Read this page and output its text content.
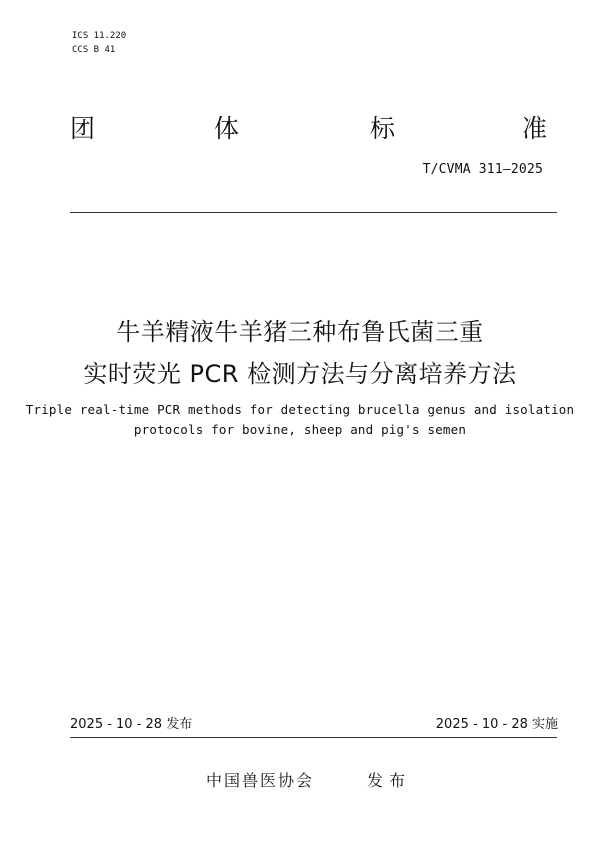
ICS 11.220
CCS B 41
团	体	标	准
T/CVMA 311—2025
牛羊精液牛羊猪三种布鲁氏菌三重
实时荧光 PCR 检测方法与分离培养方法
Triple real-time PCR methods for detecting brucella genus and isolation
protocols for bovine, sheep and pig's semen
2025 - 10 - 28 发布	2025 - 10 - 28 实施
中国兽医协会	发布
